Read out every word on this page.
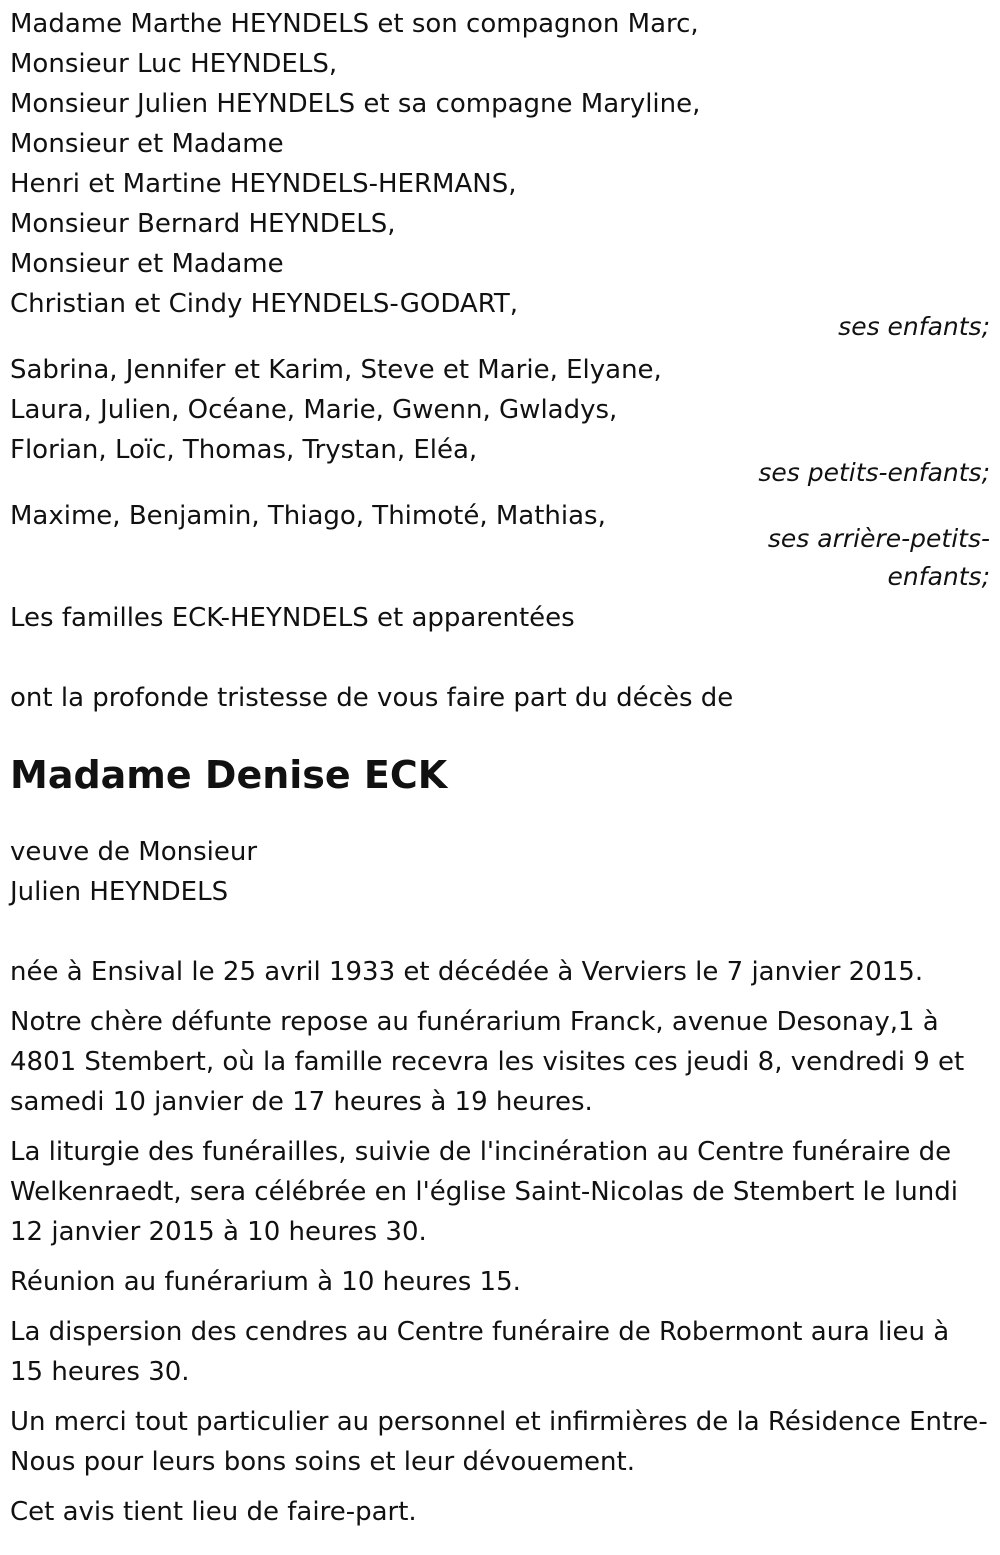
Madame Marthe HEYNDELS et son compagnon Marc,
Monsieur Luc HEYNDELS,
Monsieur Julien HEYNDELS et sa compagne Maryline,
Monsieur et Madame
Henri et Martine HEYNDELS-HERMANS,
Monsieur Bernard HEYNDELS,
Monsieur et Madame
Christian et Cindy HEYNDELS-GODART,
ses enfants;
Sabrina, Jennifer et Karim, Steve et Marie, Elyane,
Laura, Julien, Océane, Marie, Gwenn, Gwladys,
Florian, Loïc, Thomas, Trystan, Eléa,
ses petits-enfants;
Maxime, Benjamin, Thiago, Thimoté, Mathias,
ses arrière-petits-
enfants;
Les familles ECK-HEYNDELS et apparentées
ont la profonde tristesse de vous faire part du décès de
Madame Denise ECK
veuve de Monsieur
Julien HEYNDELS
née à Ensival le 25 avril 1933 et décédée à Verviers le 7 janvier 2015.
Notre chère défunte repose au funérarium Franck, avenue Desonay,1 à 4801 Stembert, où la famille recevra les visites ces jeudi 8, vendredi 9 et samedi 10 janvier de 17 heures à 19 heures.
La liturgie des funérailles, suivie de l'incinération au Centre funéraire de Welkenraedt, sera célébrée en l'église Saint-Nicolas de Stembert le lundi 12 janvier 2015 à 10 heures 30.
Réunion au funérarium à 10 heures 15.
La dispersion des cendres au Centre funéraire de Robermont aura lieu à 15 heures 30.
Un merci tout particulier au personnel et infirmières de la Résidence Entre-Nous pour leurs bons soins et leur dévouement.
Cet avis tient lieu de faire-part.
